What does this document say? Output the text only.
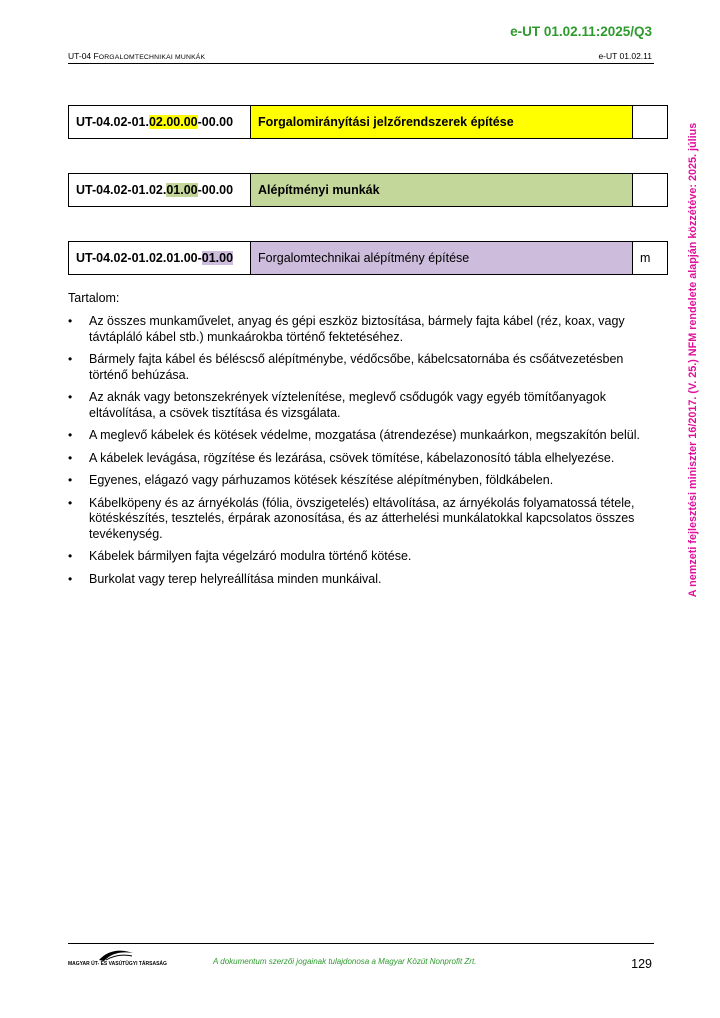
e-UT 01.02.11:2025/Q3
UT-04 FORGALOMTECHNIKAI MUNKÁK	e-UT 01.02.11
UT-04.02-01. 02.00.00 -00.00	Forgalomirányítási jelzőrendszerek építése
UT-04.02-01.02. 01.00 -00.00	Alépítményi munkák
UT-04.02-01.02.01.00- 01.00	Forgalomtechnikai alépítmény építése	m
Tartalom:
• Az összes munkaművelet, anyag és gépi eszköz biztosítása, bármely fajta kábel (réz, koax, vagy távtápláló kábel stb.) munkaárokba történő fektetéséhez.
• Bármely fajta kábel és béléscső alépítménybe, védőcsőbe, kábelcsatornába és csőátvezetésben történő behúzása.
• Az aknák vagy betonszekrények víztelenítése, meglevő csődugók vagy egyéb tömítőanyagok eltávolítása, a csövek tisztítása és vizsgálata.
• A meglevő kábelek és kötések védelme, mozgatása (átrendezése) munkaárkon, megszakítón belül.
• A kábelek levágása, rögzítése és lezárása, csövek tömítése, kábelazonosító tábla elhelyezése.
• Egyenes, elágazó vagy párhuzamos kötések készítése alépítményben, földkábelen.
• Kábelköpeny és az árnyékolás (fólia, övszigetelés) eltávolítása, az árnyékolás folyamatossá tétele, kötéskészítés, tesztelés, érpárak azonosítása, és az átterhelési munkálatokkal kapcsolatos összes tevékenység.
• Kábelek bármilyen fajta végelzáró modulra történő kötése.
• Burkolat vagy terep helyreállítása minden munkáival.	A nemzeti fejlesztési miniszter 16/2017. (V. 25.) NFM rendelete alapján közzétéve: 2025. július
MAGYAR ÚT- ÉS VASÚTÜGYI TÁRSASÁG	A dokumentum szerzői jogainak tulajdonosa a Magyar Közút Nonprofit Zrt.	129
